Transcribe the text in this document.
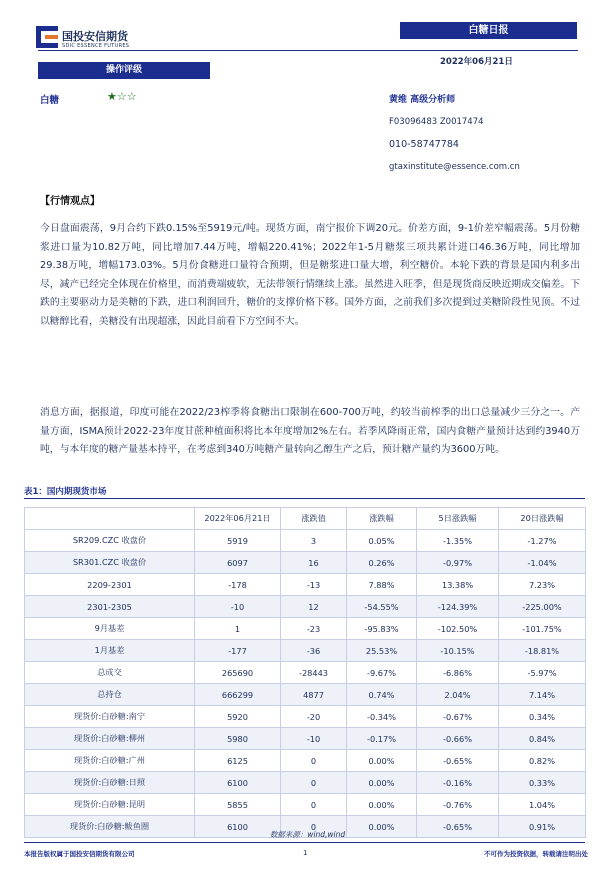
国投安信期货
SDIC ESSENCE FUTURES
白糖日报
2022年06月21日
操作评级
白糖	★☆☆	黄维 高级分析师
F03096483 Z0017474
010-58747784
gtaxinstitute@essence.com.cn
【行情观点】

今日盘面震荡，9月合约下跌0.15%至5919元/吨。现货方面，南宁报价下调20元。价差方面，9-1价差窄幅震荡。5月份糖浆进口量为10.82万吨，同比增加7.44万吨，增幅220.41%；2022年1-5月糖浆三项共累计进口46.36万吨，同比增加29.38万吨，增幅173.03%。5月份食糖进口量符合预期，但是糖浆进口量大增，利空糖价。本轮下跌的背景是国内利多出尽，减产已经完全体现在价格里，而消费端疲软，无法带领行情继续上涨。虽然进入旺季，但是现货商反映近期成交偏差。下跌的主要驱动力是美糖的下跌，进口利润回升，糖价的支撑价格下移。国外方面，之前我们多次提到过美糖阶段性见顶。不过以糖醇比看，美糖没有出现超涨，因此目前看下方空间不大。

消息方面，据报道，印度可能在2022/23榨季将食糖出口限制在600-700万吨，约较当前榨季的出口总量减少三分之一。产量方面，ISMA预计2022-23年度甘蔗种植面积将比本年度增加2%左右。若季风降雨正常，国内食糖产量预计达到约3940万吨，与本年度的糖产量基本持平，在考虑到340万吨糖产量转向乙醇生产之后，预计糖产量约为3600万吨。

表1：国内期现货市场
	2022年06月21日	涨跌值	涨跌幅	5日涨跌幅	20日涨跌幅
SR209.CZC 收盘价	5919	3	0.05%	-1.35%	-1.27%
SR301.CZC 收盘价	6097	16	0.26%	-0.97%	-1.04%
2209-2301	-178	-13	7.88%	13.38%	7.23%
2301-2305	-10	12	-54.55%	-124.39%	-225.00%
9月基差	1	-23	-95.83%	-102.50%	-101.75%
1月基差	-177	-36	25.53%	-10.15%	-18.81%
总成交	265690	-28443	-9.67%	-6.86%	-5.97%
总持仓	666299	4877	0.74%	2.04%	7.14%
现货价:白砂糖:南宁	5920	-20	-0.34%	-0.67%	0.34%
现货价:白砂糖:柳州	5980	-10	-0.17%	-0.66%	0.84%
现货价:白砂糖:广州	6125	0	0.00%	-0.65%	0.82%
现货价:白砂糖:日照	6100	0	0.00%	-0.16%	0.33%
现货价:白砂糖:昆明	5855	0	0.00%	-0.76%	1.04%
现货价:白砂糖:鲅鱼圈	6100	0	0.00%	-0.65%	0.91%
数据来源：wind,wind
本报告版权属于国投安信期货有限公司	1	不可作为投资依据，转载请注明出处
